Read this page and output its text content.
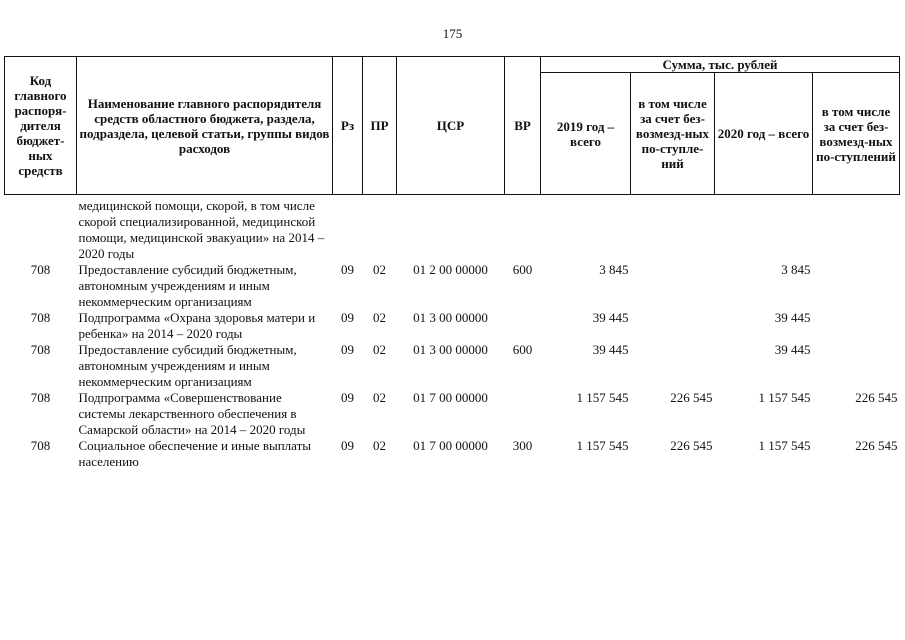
175
Код главного распоря-дителя бюджет-ных средств	Наименование главного распорядителя средств областного бюджета, раздела, подраздела, целевой статьи, группы видов расходов	Рз	ПР	ЦСР	ВР	Сумма, тыс. рублей			
						2019 год – всего	в том числе за счет без-возмезд-ных по-ступле-ний	2020 год – всего	в том числе за счет без-возмезд-ных по-ступлений
	медицинской помощи, скорой, в том числе скорой специализированной, медицинской помощи, медицинской эвакуации» на 2014 – 2020 годы								
708	Предоставление субсидий бюджетным, автономным учреждениям и иным некоммерческим организациям	09	02	01 2 00 00000	600	3 845		3 845	
708	Подпрограмма «Охрана здоровья матери и ребенка» на 2014 – 2020 годы	09	02	01 3 00 00000		39 445		39 445	
708	Предоставление субсидий бюджетным, автономным учреждениям и иным некоммерческим организациям	09	02	01 3 00 00000	600	39 445		39 445	
708	Подпрограмма «Совершенствование системы лекарственного обеспечения в Самарской области» на 2014 – 2020 годы	09	02	01 7 00 00000		1 157 545	226 545	1 157 545	226 545
708	Социальное обеспечение и иные выплаты населению	09	02	01 7 00 00000	300	1 157 545	226 545	1 157 545	226 545
